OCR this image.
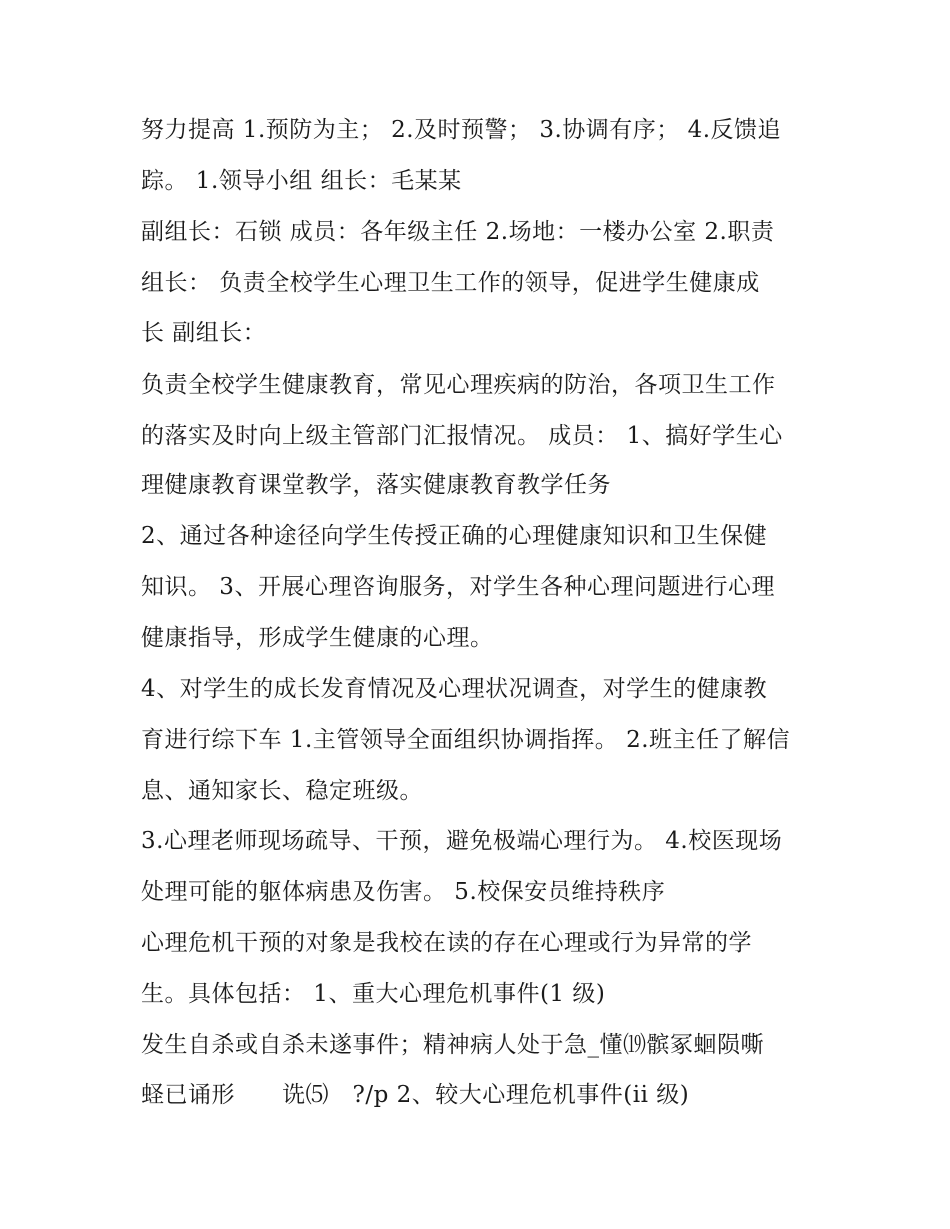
努力提高 1.预防为主； 2.及时预警； 3.协调有序； 4.反馈追
踪。 1.领导小组 组长：毛某某
副组长：石锁 成员：各年级主任 2.场地：一楼办公室 2.职责
组长： 负责全校学生心理卫生工作的领导，促进学生健康成
长 副组长：
负责全校学生健康教育，常见心理疾病的防治，各项卫生工作
的落实及时向上级主管部门汇报情况。 成员： 1、搞好学生心
理健康教育课堂教学，落实健康教育教学任务
2、通过各种途径向学生传授正确的心理健康知识和卫生保健
知识。 3、开展心理咨询服务，对学生各种心理问题进行心理
健康指导，形成学生健康的心理。
4、对学生的成长发育情况及心理状况调查，对学生的健康教
育进行综下车 1.主管领导全面组织协调指挥。 2.班主任了解信
息、通知家长、稳定班级。
3.心理老师现场疏导、干预，避免极端心理行为。 4.校医现场
处理可能的躯体病患及伤害。 5.校保安员维持秩序
心理危机干预的对象是我校在读的存在心理或行为异常的学
生。具体包括： 1、重大心理危机事件(1 级)
发生自杀或自杀未遂事件；精神病人处于急_懂⒆髌冢蛔陨嘶
蛏已诵形　　诜⑸　?/p 2、较大心理危机事件(ii 级)
